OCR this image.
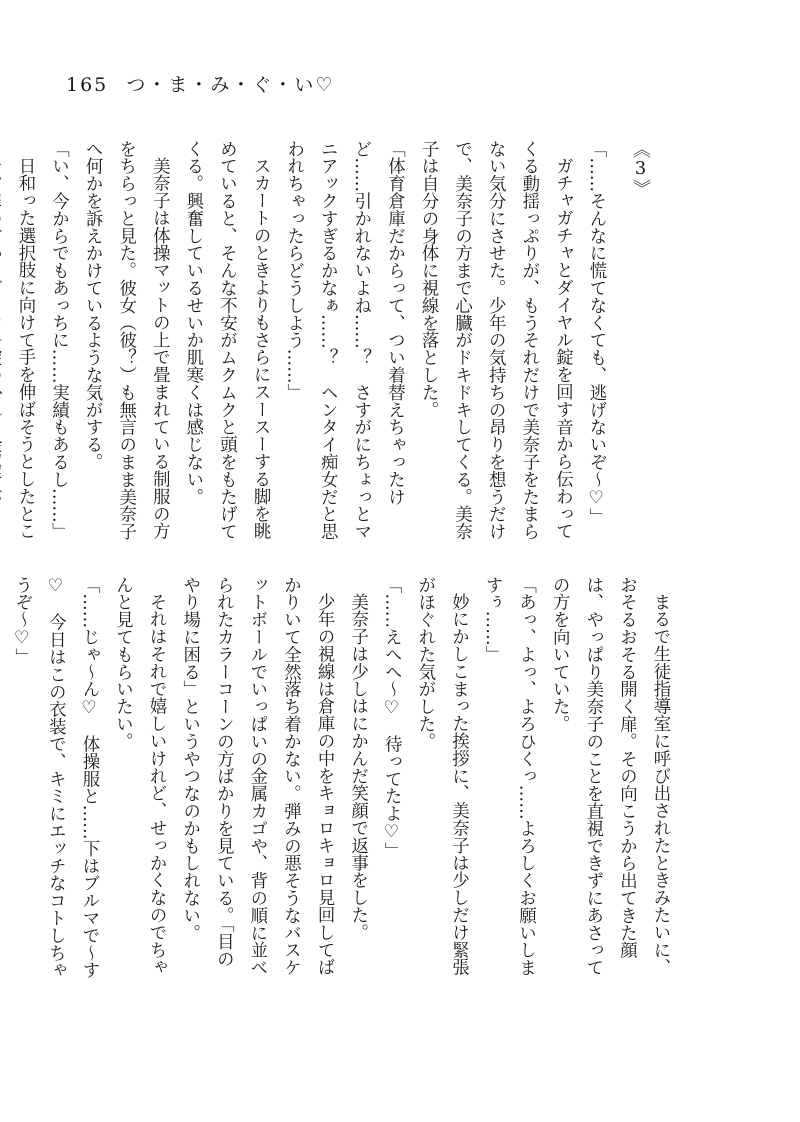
165 つ・ま・み・ぐ・い♡
《3》

「……そんなに慌てなくても、逃げないぞ～♡」

ガチャガチャとダイヤル錠を回す音から伝わってくる動揺っぷりが、もうそれだけで美奈子をたまらない気分にさせた。少年の気持ちの昂りを想うだけで、美奈子の方まで心臓がドキドキしてくる。美奈子は自分の身体に視線を落とした。

「体育倉庫だからって、つい着替えちゃったけど……引かれないよね……？　さすがにちょっとマニアックすぎるかなぁ……？　ヘンタイ痴女だと思われちゃったらどうしよう……」

スカートのときよりもさらにスースーする脚を眺めていると、そんな不安がムクムクと頭をもたげてくる。興奮しているせいか肌寒くは感じない。

美奈子は体操マットの上で畳まれている制服の方をちらっと見た。彼女（彼？）も無言のまま美奈子へ何かを訴えかけているような気がする。

「い、今からでもあっちに……実績もあるし……」

日和った選択肢に向けて手を伸ばそうとしたとこ

まるで生徒指導室に呼び出されたときみたいに、おそるおそる開く扉。その向こうから出てきた顔は、やっぱり美奈子のことを直視できずにあさっての方を向いていた。

「あっ、よっ、よろひくっ……よろしくお願いしますぅ……」

妙にかしこまった挨拶に、美奈子は少しだけ緊張がほぐれた気がした。

「……えへへ～♡　待ってたよ♡」

美奈子は少しはにかんだ笑顔で返事をした。

少年の視線は倉庫の中をキョロキョロ見回してばかりいて全然落ち着かない。弾みの悪そうなバスケットボールでいっぱいの金属カゴや、背の順に並べられたカラーコーンの方ばかりを見ている。「目のやり場に困る」というやつなのかもしれない。

それはそれで嬉しいけれど、せっかくなのでちゃんと見てもらいたい。

「……じゃ～ん♡　体操服と……下はブルマで～す♡　今日はこの衣装で、キミにエッチなコトしちゃうぞ～♡」
